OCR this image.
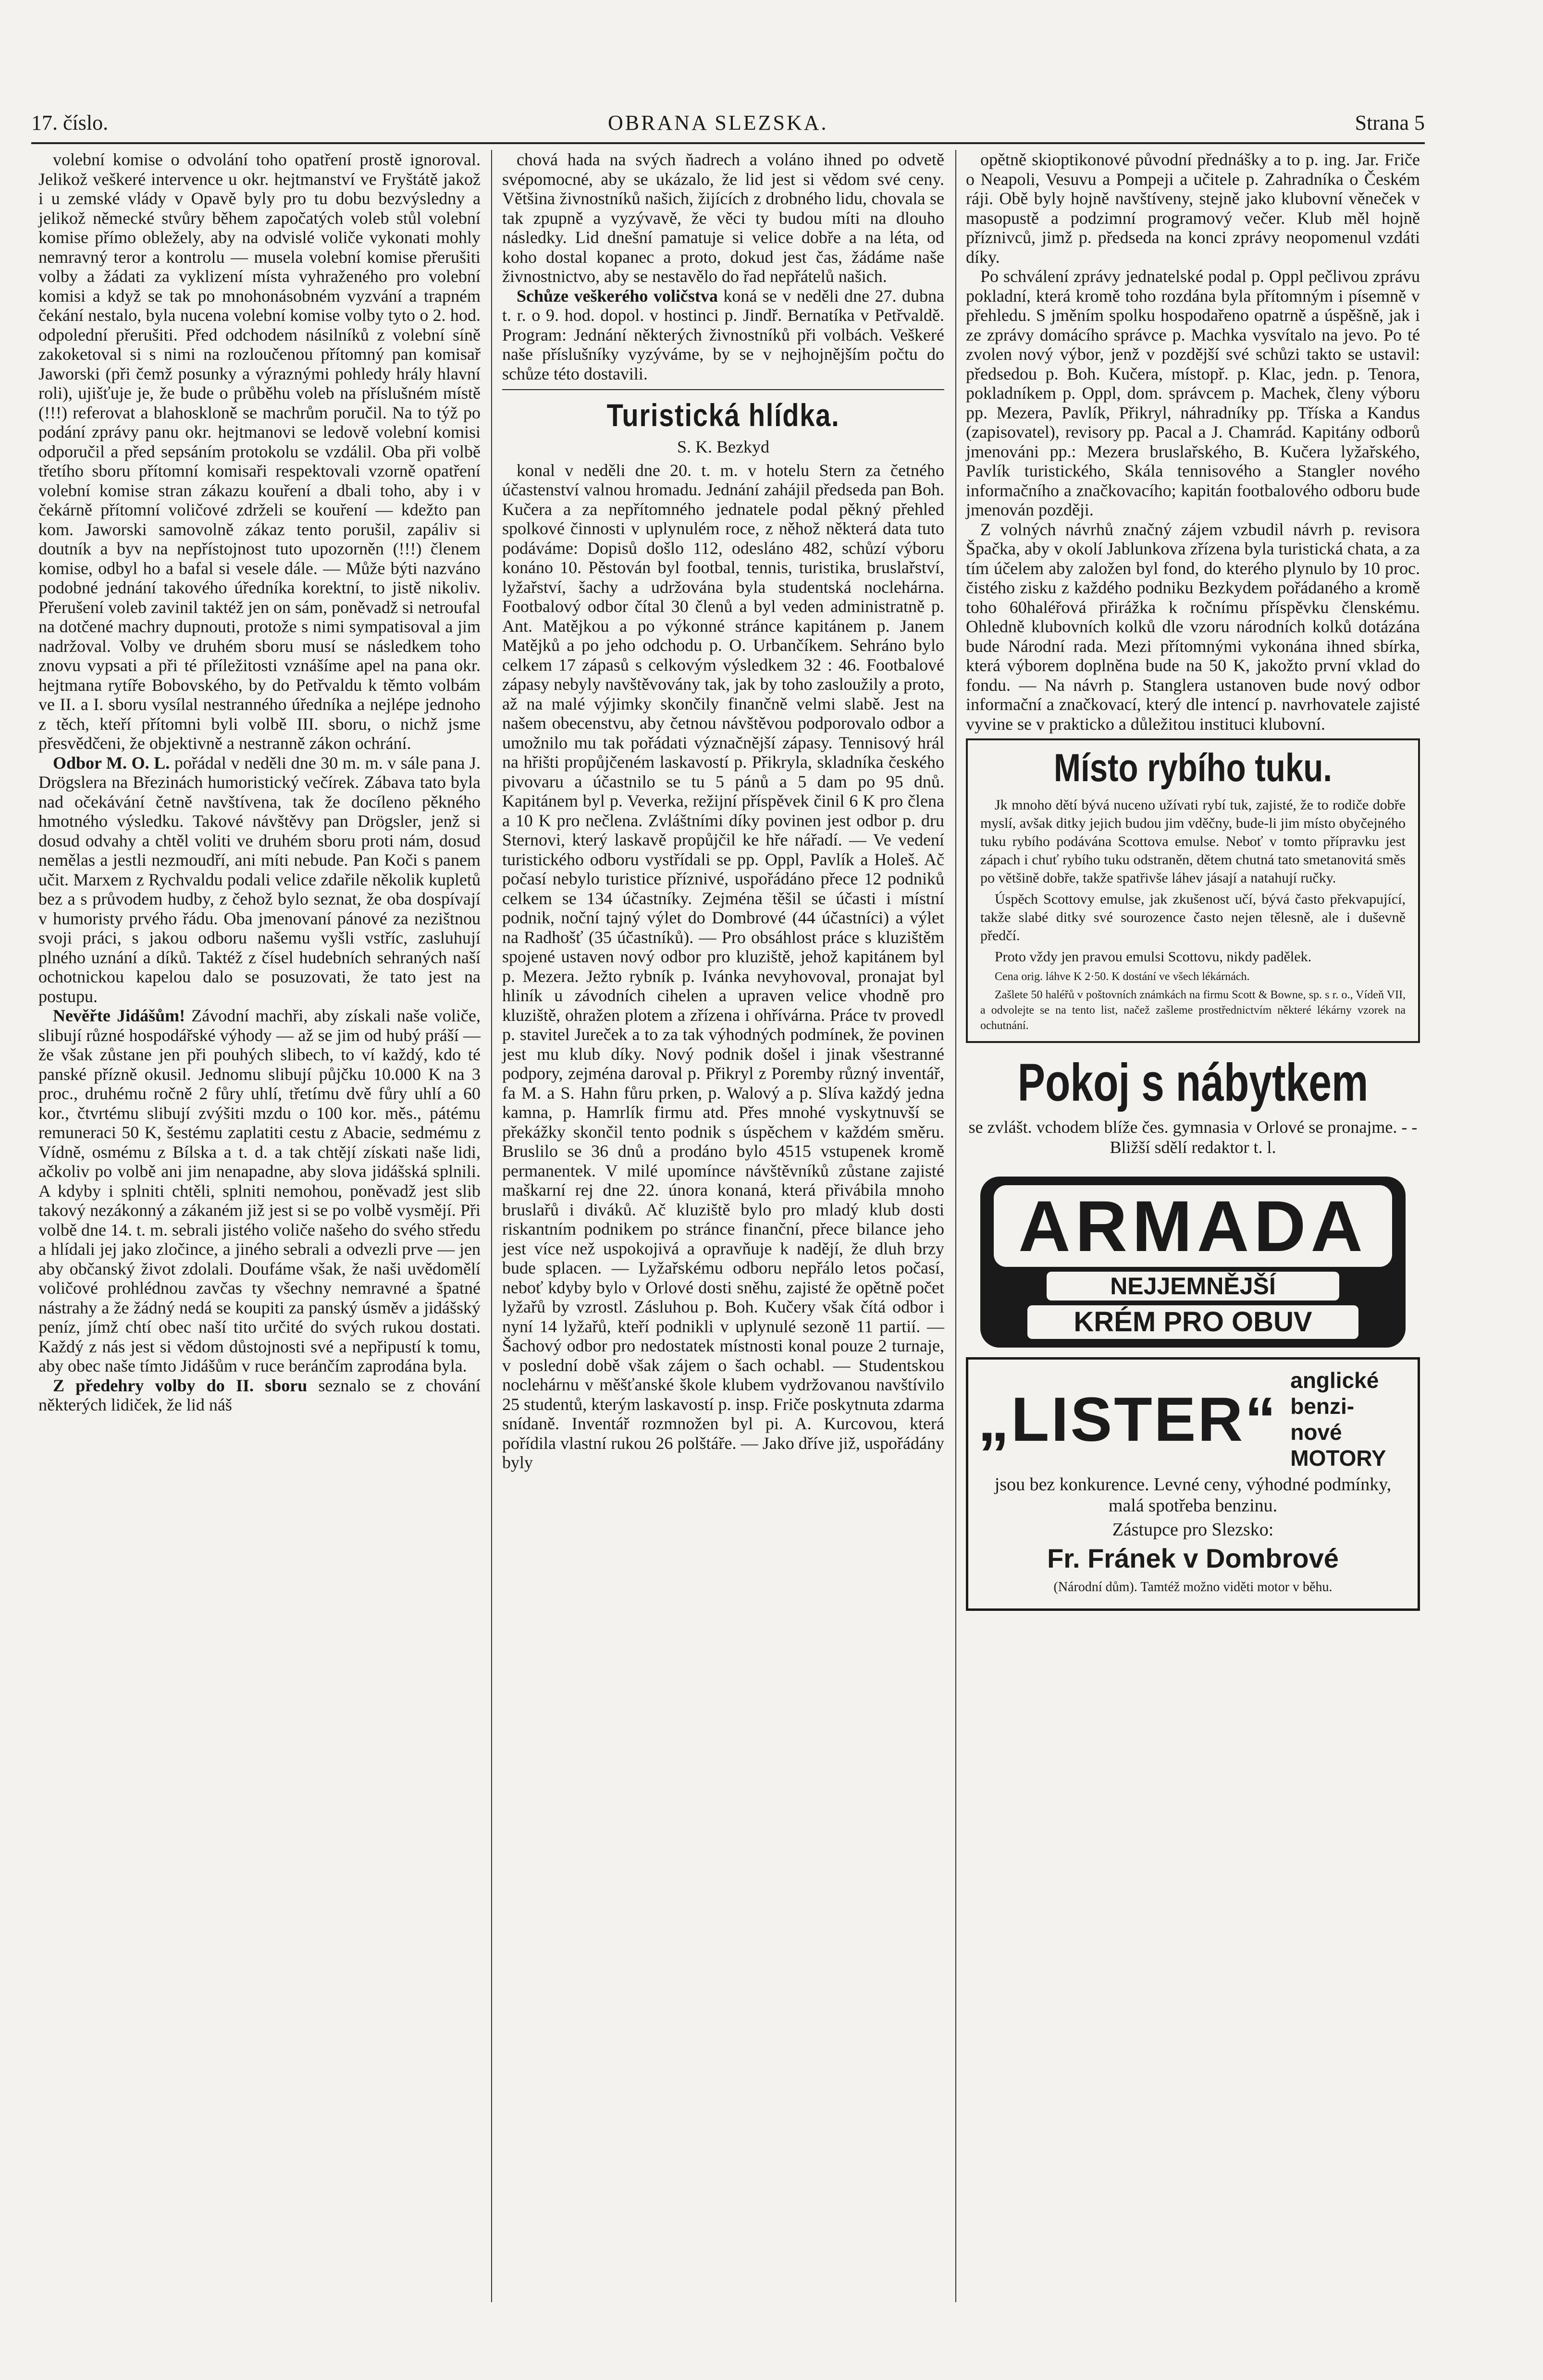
17. číslo.	OBRANA SLEZSKA.	Strana 5

volební komise o odvolání toho opatření prostě ignoroval. Jelikož veškeré intervence u okr. hejtmanství ve Fryštátě jakož i u zemské vlády v Opavě byly pro tu dobu bezvýsledny a jelikož německé stvůry během započatých voleb stůl volební komise přímo obležely, aby na odvislé voliče vykonati mohly nemravný teror a kontrolu — musela volební komise přerušiti volby a žádati za vyklizení místa vyhraženého pro volební komisi a když se tak po mnohonásobném vyzvání a trapném čekání nestalo, byla nucena volební komise volby tyto o 2. hod. odpolední přerušiti. Před odchodem násilníků z volební síně zakoketoval si s nimi na rozloučenou přítomný pan komisař Jaworski (při čemž posunky a výraznými pohledy hrály hlavní roli), ujišťuje je, že bude o průběhu voleb na příslušném místě (!!!) referovat a blahoskloně se machrům poručil. Na to týž po podání zprávy panu okr. hejtmanovi se ledově volební komisi odporučil a před sepsáním protokolu se vzdálil. Oba při volbě třetího sboru přítomní komisaři respektovali vzorně opatření volební komise stran zákazu kouření a dbali toho, aby i v čekárně přítomní voličové zdrželi se kouření — kdežto pan kom. Jaworski samovolně zákaz tento porušil, zapáliv si doutník a byv na nepřístojnost tuto upozorněn (!!!) členem komise, odbyl ho a bafal si vesele dále. — Může býti nazváno podobné jednání takového úředníka korektní, to jistě nikoliv. Přerušení voleb zavinil taktéž jen on sám, poněvadž si netroufal na dotčené machry dupnouti, protože s nimi sympatisoval a jim nadržoval. Volby ve druhém sboru musí se následkem toho znovu vypsati a při té příležitosti vznášíme apel na pana okr. hejtmana rytíře Bobovského, by do Petřvaldu k těmto volbám ve II. a I. sboru vysílal nestranného úředníka a nejlépe jednoho z těch, kteří přítomni byli volbě III. sboru, o nichž jsme přesvědčeni, že objektivně a nestranně zákon ochrání.

Odbor M. O. L. pořádal v neděli dne 30 m. m. v sále pana J. Drögslera na Březinách humoristický večírek. Zábava tato byla nad očekávání četně navštívena, tak že docíleno pěkného hmotného výsledku. Takové návštěvy pan Drögsler, jenž si dosud odvahy a chtěl voliti ve druhém sboru proti nám, dosud nemělas a jestli nezmoudří, ani míti nebude. Pan Koči s panem učit. Marxem z Rychvaldu podali velice zdařile několik kupletů bez a s průvodem hudby, z čehož bylo seznat, že oba dospívají v humoristy prvého řádu. Oba jmenovaní pánové za nezištnou svoji práci, s jakou odboru našemu vyšli vstříc, zasluhují plného uznání a díků. Taktéž z čísel hudebních sehraných naší ochotnickou kapelou dalo se posuzovati, že tato jest na postupu.

Nevěřte Jidášům! Závodní machři, aby získali naše voliče, slibují různé hospodářské výhody — až se jim od hubý práší — že však zůstane jen při pouhých slibech, to ví každý, kdo té panské přízně okusil. Jednomu slibují půjčku 10.000 K na 3 proc., druhému ročně 2 fůry uhlí, třetímu dvě fůry uhlí a 60 kor., čtvrtému slibují zvýšiti mzdu o 100 kor. měs., pátému remuneraci 50 K, šestému zaplatiti cestu z Abacie, sedmému z Vídně, osmému z Bílska a t. d. a tak chtějí získati naše lidi, ačkoliv po volbě ani jim nenapadne, aby slova jidášská splnili. A kdyby i splniti chtěli, splniti nemohou, poněvadž jest slib takový nezákonný a zákaném již jest si se po volbě vysmějí. Při volbě dne 14. t. m. sebrali jistého voliče našeho do svého středu a hlídali jej jako zločince, a jiného sebrali a odvezli prve — jen aby občanský život zdolali. Doufáme však, že naši uvědomělí voličové prohlédnou zavčas ty všechny nemravné a špatné nástrahy a že žádný nedá se koupiti za panský úsměv a jidášský peníz, jímž chtí obec naší tito určité do svých rukou dostati. Každý z nás jest si vědom důstojnosti své a nepřipustí k tomu, aby obec naše tímto Jidášům v ruce beránčím zaprodána byla.

Z předehry volby do II. sboru seznalo se z chování některých lidiček, že lid náš

chová hada na svých ňadrech a voláno ihned po odvetě svépomocné, aby se ukázalo, že lid jest si vědom své ceny. Většina živnostníků našich, žijících z drobného lidu, chovala se tak zpupně a vyzývavě, že věci ty budou míti na dlouho následky. Lid dnešní pamatuje si velice dobře a na léta, od koho dostal kopanec a proto, dokud jest čas, žádáme naše živnostnictvo, aby se nestavělo do řad nepřátelů našich.

Schůze veškerého voličstva koná se v neděli dne 27. dubna t. r. o 9. hod. dopol. v hostinci p. Jindř. Bernatíka v Petřvaldě. Program: Jednání některých živnostníků při volbách. Veškeré naše příslušníky vyzýváme, by se v nejhojnějším počtu do schůze této dostavili.

Turistická hlídka.
S. K. Bezkyd

konal v neděli dne 20. t. m. v hotelu Stern za četného účastenství valnou hromadu. Jednání zahájil předseda pan Boh. Kučera a za nepřítomného jednatele podal pěkný přehled spolkové činnosti v uplynulém roce, z něhož některá data tuto podáváme: Dopisů došlo 112, odesláno 482, schůzí výboru konáno 10. Pěstován byl footbal, tennis, turistika, bruslařství, lyžařství, šachy a udržována byla studentská noclehárna. Footbalový odbor čítal 30 členů a byl veden administratně p. Ant. Matějkou a po výkonné stránce kapitánem p. Janem Matějků a po jeho odchodu p. O. Urbančíkem. Sehráno bylo celkem 17 zápasů s celkovým výsledkem 32 : 46. Footbalové zápasy nebyly navštěvovány tak, jak by toho zasloužily a proto, až na malé výjimky skončily finančně velmi slabě. Jest na našem obecenstvu, aby četnou návštěvou podporovalo odbor a umožnilo mu tak pořádati význačnější zápasy. Tennisový hrál na hřišti propůjčeném laskavostí p. Přikryla, skladníka českého pivovaru a účastnilo se tu 5 pánů a 5 dam po 95 dnů. Kapitánem byl p. Veverka, režijní příspěvek činil 6 K pro člena a 10 K pro nečlena. Zvláštními díky povinen jest odbor p. dru Sternovi, který laskavě propůjčil ke hře nářadí. — Ve vedení turistického odboru vystřídali se pp. Oppl, Pavlík a Holeš. Ač počasí nebylo turistice příznivé, uspořádáno přece 12 podniků celkem se 134 účastníky. Zejména těšil se účasti i místní podnik, noční tajný výlet do Dombrové (44 účastníci) a výlet na Radhošť (35 účastníků). — Pro obsáhlost práce s kluzištěm spojené ustaven nový odbor pro kluziště, jehož kapitánem byl p. Mezera. Ježto rybník p. Ivánka nevyhovoval, pronajat byl hliník u závodních cihelen a upraven velice vhodně pro kluziště, ohražen plotem a zřízena i ohřívárna. Práce tv provedl p. stavitel Jureček a to za tak výhodných podmínek, že povinen jest mu klub díky. Nový podnik došel i jinak všestranné podpory, zejména daroval p. Přikryl z Poremby různý inventář, fa M. a S. Hahn fůru prken, p. Walový a p. Slíva každý jedna kamna, p. Hamrlík firmu atd. Přes mnohé vyskytnuvší se překážky skončil tento podnik s úspěchem v každém směru. Bruslilo se 36 dnů a prodáno bylo 4515 vstupenek kromě permanentek. V milé upomínce návštěvníků zůstane zajisté maškarní rej dne 22. února konaná, která přivábila mnoho bruslařů i diváků. Ač kluziště bylo pro mladý klub dosti riskantním podnikem po stránce finanční, přece bilance jeho jest více než uspokojivá a opravňuje k nadějí, že dluh brzy bude splacen. — Lyžařskému odboru nepřálo letos počasí, neboť kdyby bylo v Orlové dosti sněhu, zajisté že opětně počet lyžařů by vzrostl. Zásluhou p. Boh. Kučery však čítá odbor i nyní 14 lyžařů, kteří podnikli v uplynulé sezoně 11 partií. — Šachový odbor pro nedostatek místnosti konal pouze 2 turnaje, v poslední době však zájem o šach ochabl. — Studentskou noclehárnu v měšťanské škole klubem vydržovanou navštívilo 25 studentů, kterým laskavostí p. insp. Friče poskytnuta zdarma snídaně. Inventář rozmnožen byl pi. A. Kurcovou, která pořídila vlastní rukou 26 polštáře. — Jako dříve již, uspořádány byly

opětně skioptikonové původní přednášky a to p. ing. Jar. Friče o Neapoli, Vesuvu a Pompeji a učitele p. Zahradníka o Českém ráji. Obě byly hojně navštíveny, stejně jako klubovní věneček v masopustě a podzimní programový večer. Klub měl hojně příznivců, jimž p. předseda na konci zprávy neopomenul vzdáti díky.

Po schválení zprávy jednatelské podal p. Oppl pečlivou zprávu pokladní, která kromě toho rozdána byla přítomným i písemně v přehledu. S jměním spolku hospodařeno opatrně a úspěšně, jak i ze zprávy domácího správce p. Machka vysvítalo na jevo. Po té zvolen nový výbor, jenž v pozdější své schůzi takto se ustavil: předsedou p. Boh. Kučera, místopř. p. Klac, jedn. p. Tenora, pokladníkem p. Oppl, dom. správcem p. Machek, členy výboru pp. Mezera, Pavlík, Přikryl, náhradníky pp. Tříska a Kandus (zapisovatel), revisory pp. Pacal a J. Chamrád. Kapitány odborů jmenováni pp.: Mezera bruslařského, B. Kučera lyžařského, Pavlík turistického, Skála tennisového a Stangler nového informačního a značkovacího; kapitán footbalového odboru bude jmenován později.

Z volných návrhů značný zájem vzbudil návrh p. revisora Špačka, aby v okolí Jablunkova zřízena byla turistická chata, a za tím účelem aby založen byl fond, do kterého plynulo by 10 proc. čistého zisku z každého podniku Bezkydem pořádaného a kromě toho 60haléřová přirážka k ročnímu příspěvku členskému. Ohledně klubovních kolků dle vzoru národních kolků dotázána bude Národní rada. Mezi přítomnými vykonána ihned sbírka, která výborem doplněna bude na 50 K, jakožto první vklad do fondu. — Na návrh p. Stanglera ustanoven bude nový odbor informační a značkovací, který dle intencí p. navrhovatele zajisté vyvine se v prakticko a důležitou instituci klubovní.

Místo rybího tuku.

Jk mnoho dětí bývá nuceno užívati rybí tuk, zajisté, že to rodiče dobře myslí, avšak ditky jejich budou jim vděčny, bude-li jim místo obyčejného tuku rybího podávána Scottova emulse. Neboť v tomto přípravku jest zápach i chuť rybího tuku odstraněn, dětem chutná tato smetanovitá směs po většině dobře, takže spatřivše láhev jásají a natahují ručky.

Úspěch Scottovy emulse, jak zkušenost učí, bývá často překvapující, takže slabé ditky své sourozence často nejen tělesně, ale i duševně předčí.

Proto vždy jen pravou emulsi Scottovu, nikdy padělek.

Cena orig. láhve K 2·50. K dostání ve všech lékárnách.

Zašlete 50 haléřů v poštovních známkách na firmu Scott & Bowne, sp. s r. o., Vídeň VII, a odvolejte se na tento list, načež zašleme prostřednictvím některé lékárny vzorek na ochutnání.

Pokoj s nábytkem

se zvlášt. vchodem blíže čes. gymnasia v Orlové se pronajme. - - Bližší sdělí redaktor t. l.

ARMADA
NEJJEMNĚJŠÍ
KRÉM PRO OBUV
„LISTER“
anglické benzi-
nové MOTORY

jsou bez konkurence. Levné ceny, výhodné podmínky, malá spotřeba benzinu.

Zástupce pro Slezsko:

Fr. Fránek v Dombrové

(Národní dům). Tamtéž možno viděti motor v běhu.
